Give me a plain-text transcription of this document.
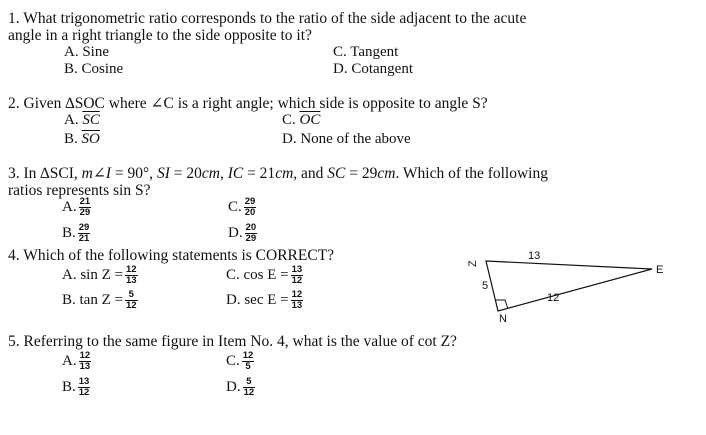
1. What trigonometric ratio corresponds to the ratio of the side adjacent to the acute
angle in a right triangle to the side opposite to it?
A. Sine	C. Tangent
B. Cosine	D. Cotangent
2. Given ∆SOC where ∠C is a right angle; which side is opposite to angle S?
A. $\overline{SC}$	C. $\overline{OC}$
B. $\overline{SO}$	D. None of the above
3. In ∆SCI, m∠I = 90°, SI = 20cm, IC = 21cm, and SC = 29cm. Which of the following
ratios represents sin S?
A. $\frac{21}{29}$	C. $\frac{29}{20}$
B. $\frac{29}{21}$	D. $\frac{20}{29}$
4. Which of the following statements is CORRECT?
A. $\sin Z = \frac{12}{13}$	C. $\cos E = \frac{13}{12}$
B. $\tan Z = \frac{5}{12}$	D. $\sec E = \frac{12}{13}$
Z
E
N
13
5
12
5. Referring to the same figure in Item No. 4, what is the value of cot Z?
A. $\frac{12}{13}$	C. $\frac{12}{5}$
B. $\frac{13}{12}$	D. $\frac{5}{12}$
